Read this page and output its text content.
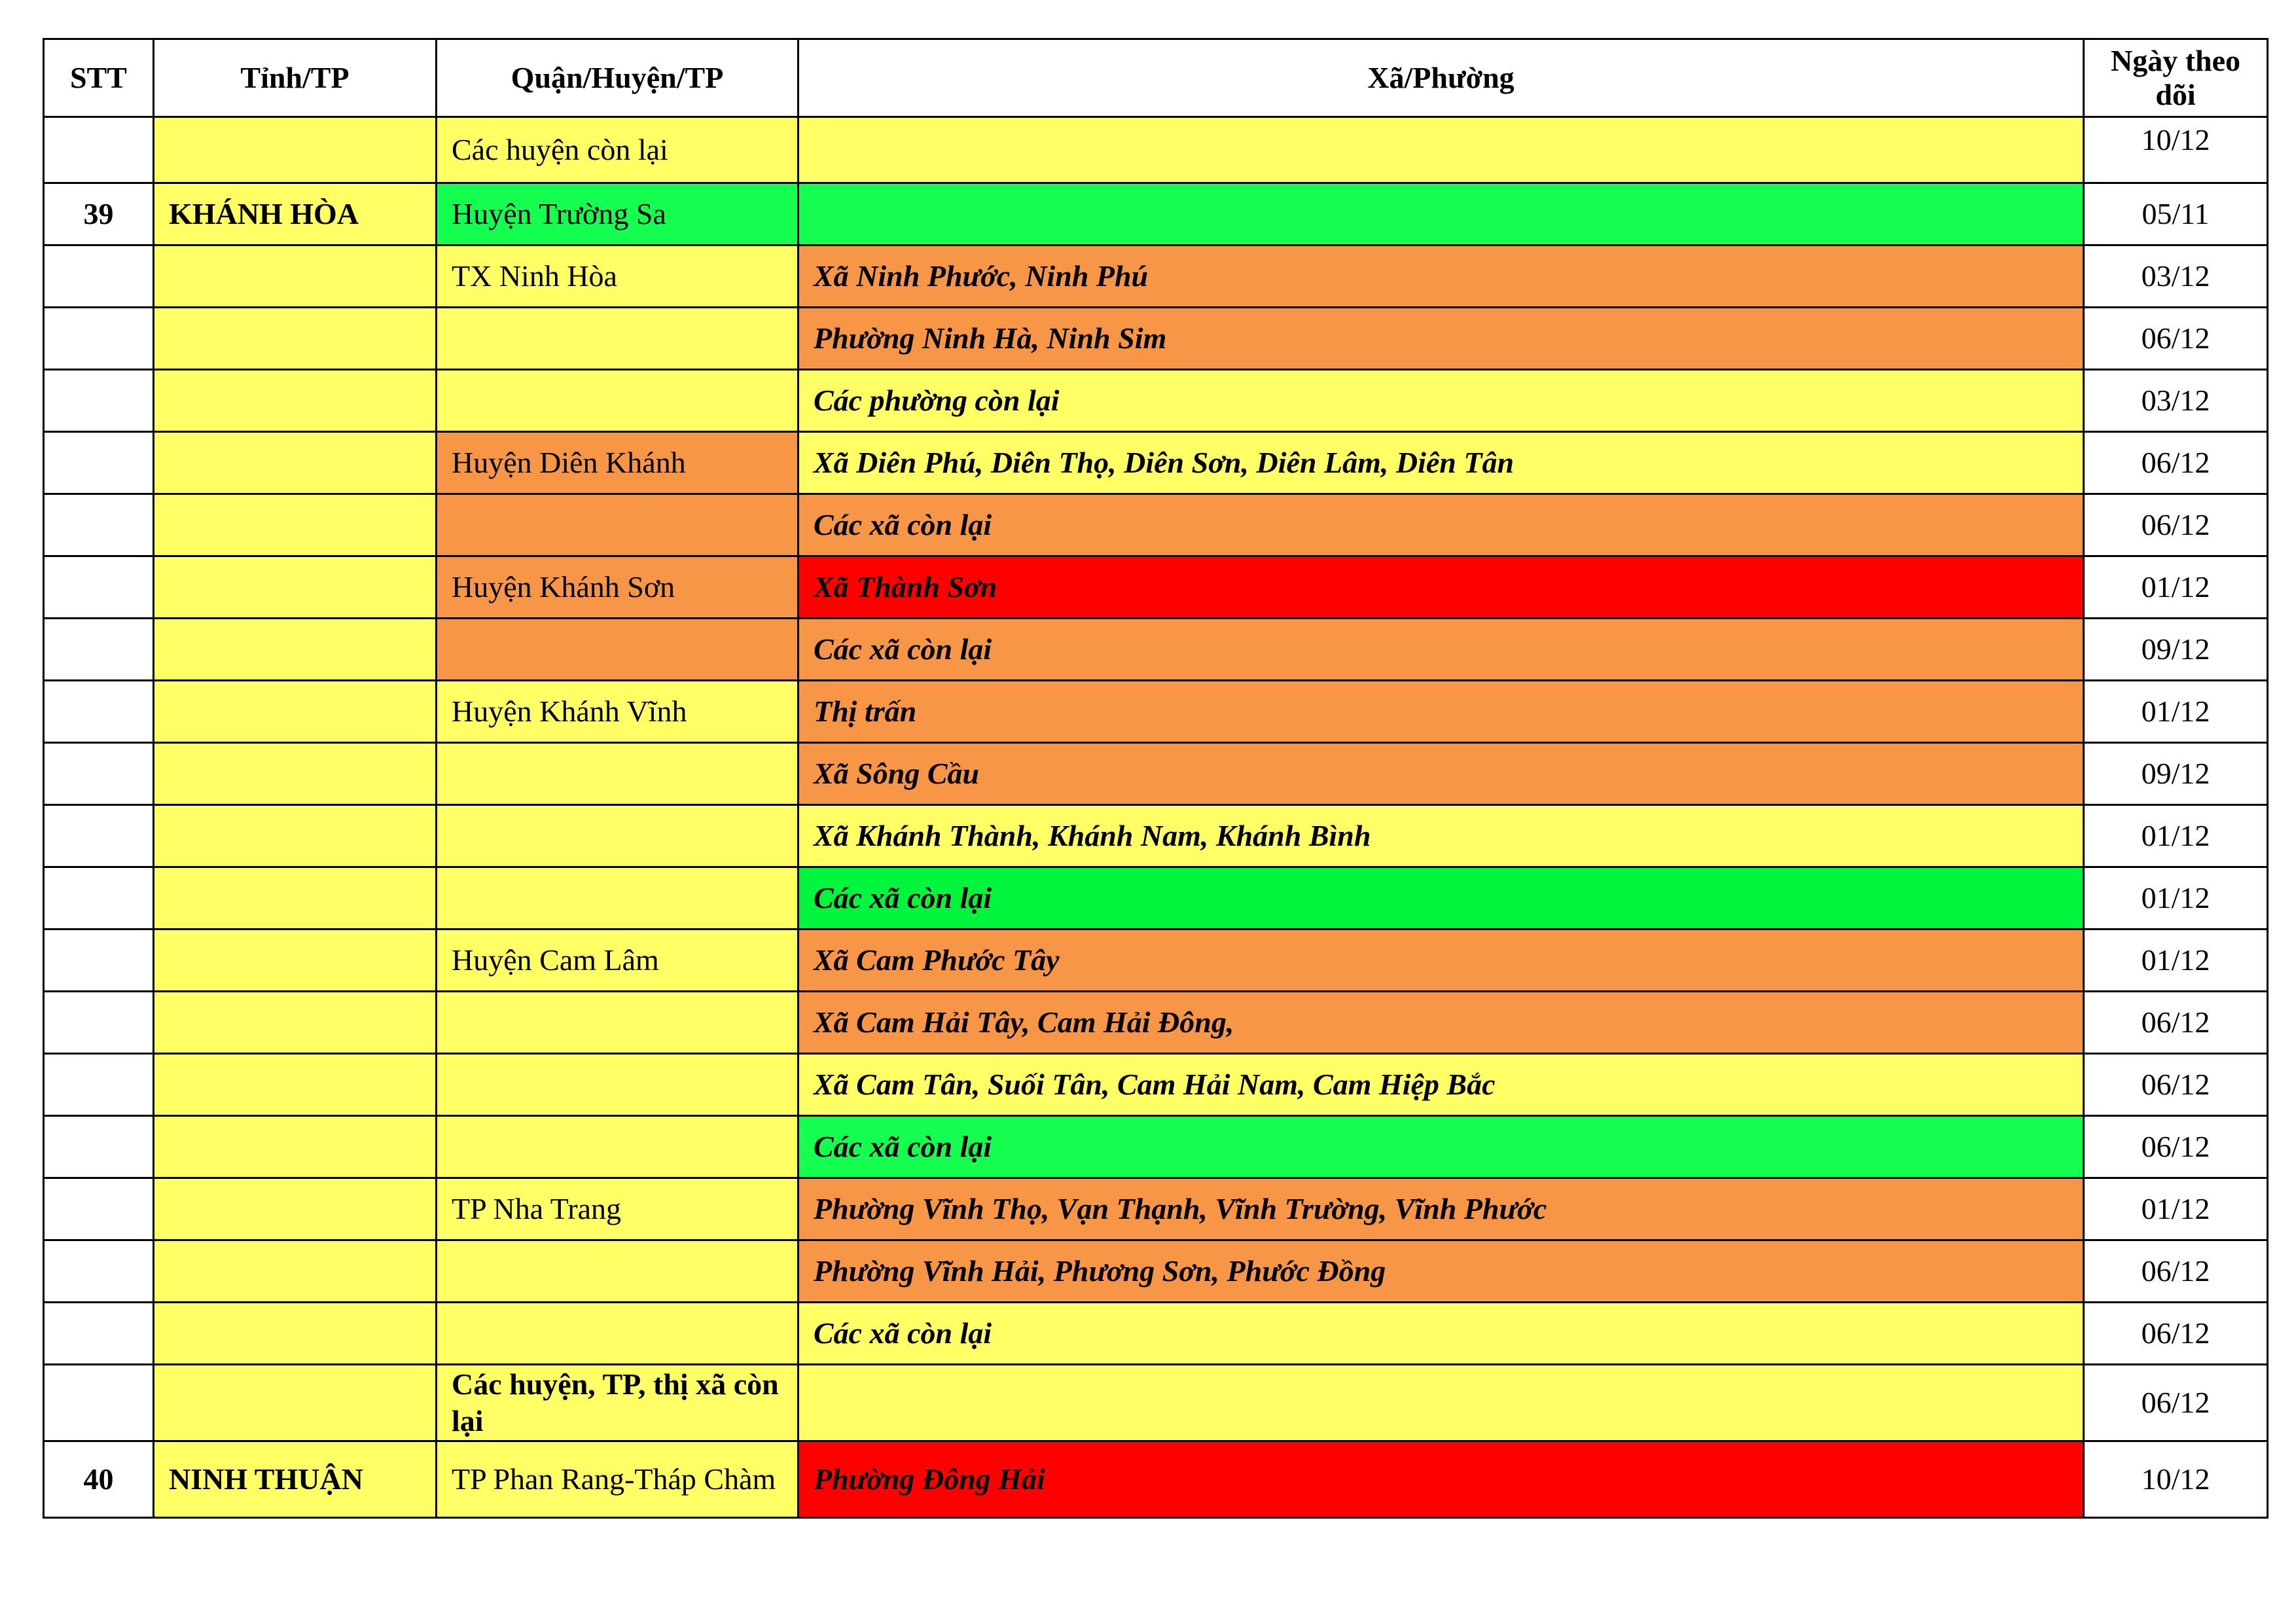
STT	Tỉnh/TP	Quận/Huyện/TP	Xã/Phường	Ngày theo dõi
		Các huyện còn lại		10/12
39	KHÁNH HÒA	Huyện Trường Sa		05/11
		TX Ninh Hòa	Xã Ninh Phước, Ninh Phú	03/12
			Phường Ninh Hà, Ninh Sim	06/12
			Các phường còn lại	03/12
		Huyện Diên Khánh	Xã Diên Phú, Diên Thọ, Diên Sơn, Diên Lâm, Diên Tân	06/12
			Các xã còn lại	06/12
		Huyện Khánh Sơn	Xã Thành Sơn	01/12
			Các xã còn lại	09/12
		Huyện Khánh Vĩnh	Thị trấn	01/12
			Xã Sông Cầu	09/12
			Xã Khánh Thành, Khánh Nam, Khánh Bình	01/12
			Các xã còn lại	01/12
		Huyện Cam Lâm	Xã Cam Phước Tây	01/12
			Xã Cam Hải Tây, Cam Hải Đông,	06/12
			Xã Cam Tân, Suối Tân, Cam Hải Nam, Cam Hiệp Bắc	06/12
			Các xã còn lại	06/12
		TP Nha Trang	Phường Vĩnh Thọ, Vạn Thạnh, Vĩnh Trường, Vĩnh Phước	01/12
			Phường Vĩnh Hải, Phương Sơn, Phước Đồng	06/12
			Các xã còn lại	06/12
		Các huyện, TP, thị xã còn lại		06/12
40	NINH THUẬN	TP Phan Rang-Tháp Chàm	Phường Đông Hải	10/12
